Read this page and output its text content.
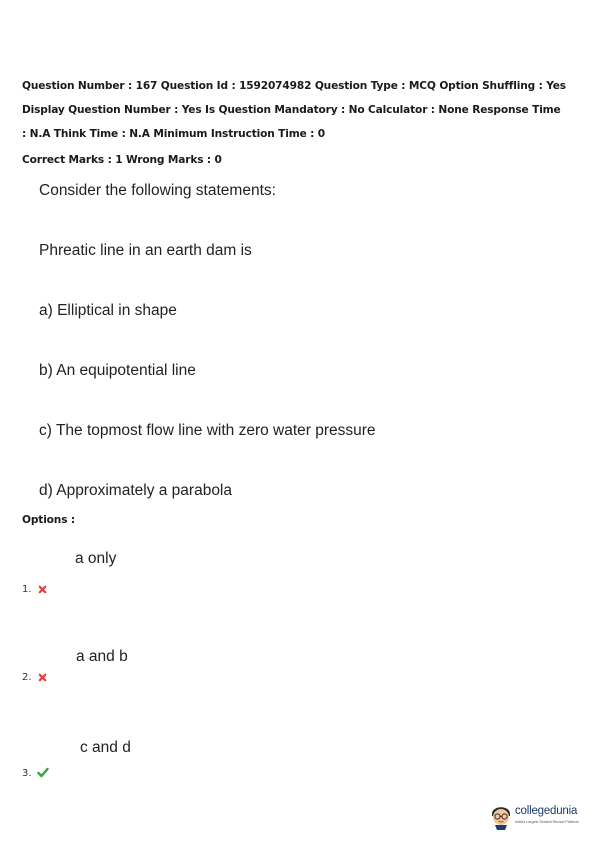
Question Number : 167 Question Id : 1592074982 Question Type : MCQ Option Shuffling : Yes
Display Question Number : Yes Is Question Mandatory : No Calculator : None Response Time
: N.A Think Time : N.A Minimum Instruction Time : 0
Correct Marks : 1 Wrong Marks : 0
Consider the following statements:
Phreatic line in an earth dam is
a) Elliptical in shape
b) An equipotential line
c) The topmost flow line with zero water pressure
d) Approximately a parabola
Options :
a only
1.
a and b
2.
c and d
3.
collegedunia
India's Largest Student Review Platform
